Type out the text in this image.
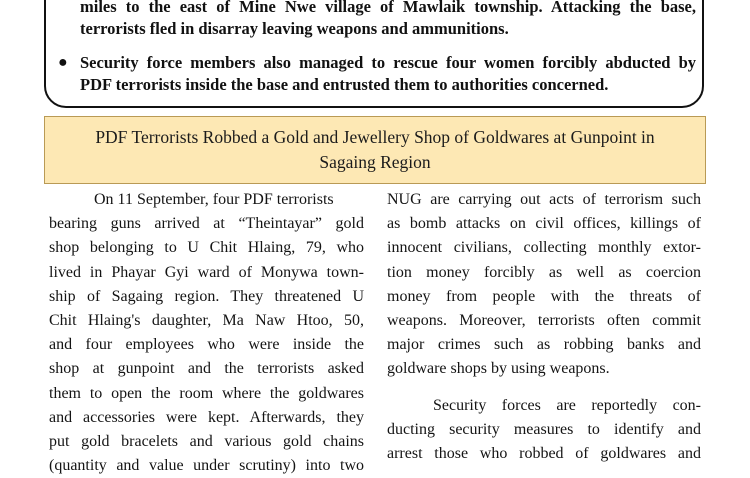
miles to the east of Mine Nwe village of Mawlaik township. Attacking the base,
terrorists fled in disarray leaving weapons and ammunitions.
● Security force members also managed to rescue four women forcibly abducted by
PDF terrorists inside the base and entrusted them to authorities concerned.
PDF Terrorists Robbed a Gold and Jewellery Shop of Goldwares at Gunpoint in
Sagaing Region
On 11 September, four PDF terrorists
bearing guns arrived at “Theintayar” gold
shop belonging to U Chit Hlaing, 79, who
lived in Phayar Gyi ward of Monywa town-
ship of Sagaing region. They threatened U
Chit Hlaing's daughter, Ma Naw Htoo, 50,
and four employees who were inside the
shop at gunpoint and the terrorists asked
them to open the room where the goldwares
and accessories were kept. Afterwards, they
put gold bracelets and various gold chains
(quantity and value under scrutiny) into two
NUG are carrying out acts of terrorism such
as bomb attacks on civil offices, killings of
innocent civilians, collecting monthly extor-
tion money forcibly as well as coercion
money from people with the threats of
weapons. Moreover, terrorists often commit
major crimes such as robbing banks and
goldware shops by using weapons.
Security forces are reportedly con-
ducting security measures to identify and
arrest those who robbed of goldwares and
